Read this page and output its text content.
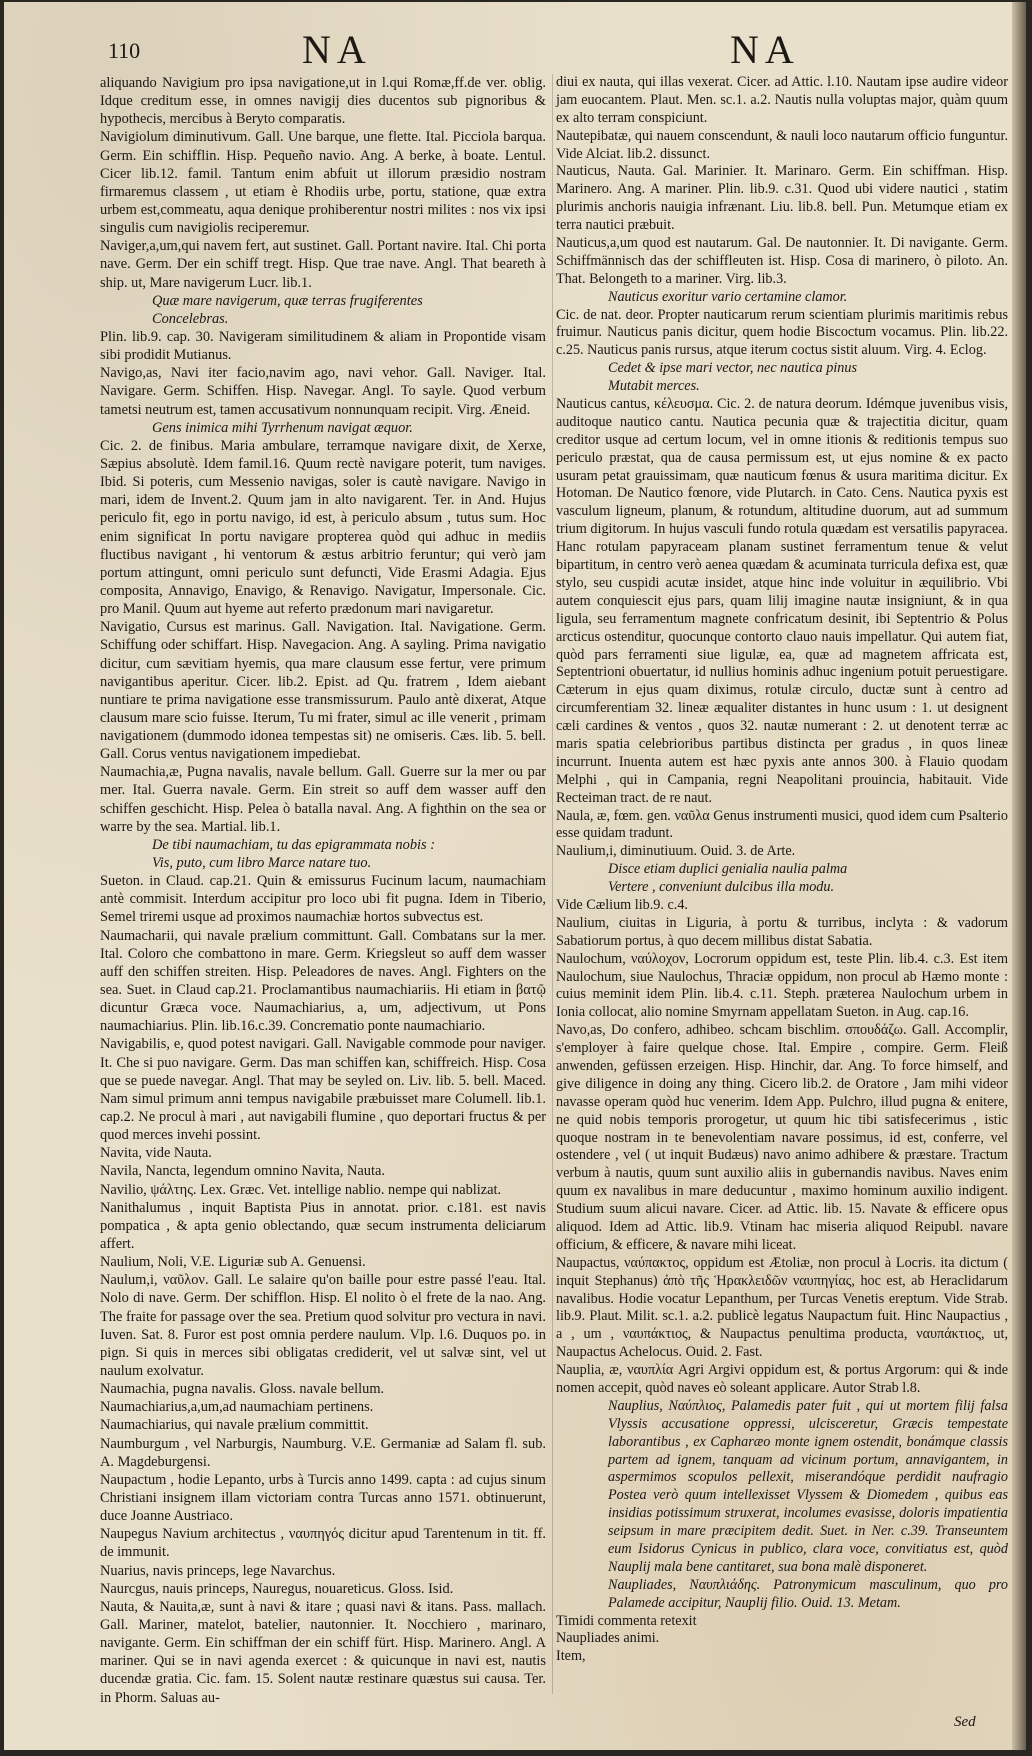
110	NA	NA

aliquando Navigium pro ipsa navigatione,ut in l.qui Romæ,ff.de ver. oblig. Idque creditum esse, in omnes navigij dies ducentos sub pignoribus & hypothecis, mercibus à Beryto comparatis.

Navigiolum diminutivum. Gall. Une barque, une flette. Ital. Picciola barqua. Germ. Ein schifflin. Hisp. Pequeño navio. Ang. A berke, à boate. Lentul. Cicer lib.12. famil. Tantum enim abfuit ut illorum præsidio nostram firmaremus classem , ut etiam è Rhodiis urbe, portu, statione, quæ extra urbem est,commeatu, aqua denique prohiberentur nostri milites : nos vix ipsi singulis cum navigiolis reciperemur.

Naviger,a,um,qui navem fert, aut sustinet. Gall. Portant navire. Ital. Chi porta nave. Germ. Der ein schiff tregt. Hisp. Que trae nave. Angl. That beareth à ship. ut, Mare navigerum Lucr. lib.1.

Quæ mare navigerum, quæ terras frugiferentes

Concelebras.

Plin. lib.9. cap. 30. Navigeram similitudinem & aliam in Propontide visam sibi prodidit Mutianus.

Navigo,as, Navi iter facio,navim ago, navi vehor. Gall. Naviger. Ital. Navigare. Germ. Schiffen. Hisp. Navegar. Angl. To sayle. Quod verbum tametsi neutrum est, tamen accusativum nonnunquam recipit. Virg. Æneid.

Gens inimica mihi Tyrrhenum navigat æquor.

Cic. 2. de finibus. Maria ambulare, terramque navigare dixit, de Xerxe, Sæpius absolutè. Idem famil.16. Quum rectè navigare poterit, tum naviges. Ibid. Si poteris, cum Messenio navigas, soler is cautè navigare. Navigo in mari, idem de Invent.2. Quum jam in alto navigarent. Ter. in And. Hujus periculo fit, ego in portu navigo, id est, à periculo absum , tutus sum. Hoc enim significat In portu navigare propterea quòd qui adhuc in mediis fluctibus navigant , hi ventorum & æstus arbitrio feruntur; qui verò jam portum attingunt, omni periculo sunt defuncti, Vide Erasmi Adagia. Ejus composita, Annavigo, Enavigo, & Renavigo. Navigatur, Impersonale. Cic. pro Manil. Quum aut hyeme aut referto prædonum mari navigaretur.

Navigatio, Cursus est marinus. Gall. Navigation. Ital. Navigatione. Germ. Schiffung oder schiffart. Hisp. Navegacion. Ang. A sayling. Prima navigatio dicitur, cum sævitiam hyemis, qua mare clausum esse fertur, vere primum navigantibus aperitur. Cicer. lib.2. Epist. ad Qu. fratrem , Idem aiebant nuntiare te prima navigatione esse transmissurum. Paulo antè dixerat, Atque clausum mare scio fuisse. Iterum, Tu mi frater, simul ac ille venerit , primam navigationem (dummodo idonea tempestas sit) ne omiseris. Cæs. lib. 5. bell. Gall. Corus ventus navigationem impediebat.

Naumachia,æ, Pugna navalis, navale bellum. Gall. Guerre sur la mer ou par mer. Ital. Guerra navale. Germ. Ein streit so auff dem wasser auff den schiffen geschicht. Hisp. Pelea ò batalla naval. Ang. A fighthin on the sea or warre by the sea. Martial. lib.1.

De tibi naumachiam, tu das epigrammata nobis :

Vis, puto, cum libro Marce natare tuo.

Sueton. in Claud. cap.21. Quin & emissurus Fucinum lacum, naumachiam antè commisit. Interdum accipitur pro loco ubi fit pugna. Idem in Tiberio, Semel triremi usque ad proximos naumachiæ hortos subvectus est.

Naumacharii, qui navale prælium committunt. Gall. Combatans sur la mer. Ital. Coloro che combattono in mare. Germ. Kriegsleut so auff dem wasser auff den schiffen streiten. Hisp. Peleadores de naves. Angl. Fighters on the sea. Suet. in Claud cap.21. Proclamantibus naumachiariis. Hi etiam in βατῷ dicuntur Græca voce. Naumachiarius, a, um, adjectivum, ut Pons naumachiarius. Plin. lib.16.c.39. Concrematio ponte naumachiario.

Navigabilis, e, quod potest navigari. Gall. Navigable commode pour naviger. It. Che si puo navigare. Germ. Das man schiffen kan, schiffreich. Hisp. Cosa que se puede navegar. Angl. That may be seyled on. Liv. lib. 5. bell. Maced. Nam simul primum anni tempus navigabile præbuisset mare Columell. lib.1. cap.2. Ne procul à mari , aut navigabili flumine , quo deportari fructus & per quod merces invehi possint.

Navita, vide Nauta.

Navila, Nancta, legendum omnino Navita, Nauta.

Navilio, ψάλτης. Lex. Græc. Vet. intellige nablio. nempe qui nablizat.

Nanithalumus , inquit Baptista Pius in annotat. prior. c.181. est navis pompatica , & apta genio oblectando, quæ secum instrumenta deliciarum affert.

Naulium, Noli, V.E. Liguriæ sub A. Genuensi.

Naulum,i, ναῦλον. Gall. Le salaire qu'on baille pour estre passé l'eau. Ital. Nolo di nave. Germ. Der schifflon. Hisp. El nolito ò el frete de la nao. Ang. The fraite for passage over the sea. Pretium quod solvitur pro vectura in navi. Iuven. Sat. 8. Furor est post omnia perdere naulum. Vlp. l.6. Duquos po. in pign. Si quis in merces sibi obligatas crediderit, vel ut salvæ sint, vel ut naulum exolvatur.

Naumachia, pugna navalis. Gloss. navale bellum.

Naumachiarius,a,um,ad naumachiam pertinens.

Naumachiarius, qui navale prælium committit.

Naumburgum , vel Narburgis, Naumburg. V.E. Germaniæ ad Salam fl. sub. A. Magdeburgensi.

Naupactum , hodie Lepanto, urbs à Turcis anno 1499. capta : ad cujus sinum Christiani insignem illam victoriam contra Turcas anno 1571. obtinuerunt, duce Joanne Austriaco.

Naupegus Navium architectus , ναυπηγός dicitur apud Tarentenum in tit. ff. de immunit.

Nuarius, navis princeps, lege Navarchus.

Naurcgus, nauis princeps, Nauregus, nouareticus. Gloss. Isid.

Nauta, & Nauita,æ, sunt à navi & itare ; quasi navi & itans. Pass. mallach. Gall. Mariner, matelot, batelier, nautonnier. It. Nocchiero , marinaro, navigante. Germ. Ein schiffman der ein schiff fürt. Hisp. Marinero. Angl. A mariner. Qui se in navi agenda exercet : & quicunque in navi est, nautis ducendæ gratia. Cic. fam. 15. Solent nautæ restinare quæstus sui causa. Ter. in Phorm. Saluas au-

diui ex nauta, qui illas vexerat. Cicer. ad Attic. l.10. Nautam ipse audire videor jam euocantem. Plaut. Men. sc.1. a.2. Nautis nulla voluptas major, quàm quum ex alto terram conspiciunt.

Nautepibatæ, qui nauem conscendunt, & nauli loco nautarum officio funguntur. Vide Alciat. lib.2. dissunct.

Nauticus, Nauta. Gal. Marinier. It. Marinaro. Germ. Ein schiffman. Hisp. Marinero. Ang. A mariner. Plin. lib.9. c.31. Quod ubi videre nautici , statim plurimis anchoris nauigia infrænant. Liu. lib.8. bell. Pun. Metumque etiam ex terra nautici præbuit.

Nauticus,a,um quod est nautarum. Gal. De nautonnier. It. Di navigante. Germ. Schiffmännisch das der schiffleuten ist. Hisp. Cosa di marinero, ò piloto. An. That. Belongeth to a mariner. Virg. lib.3.

Nauticus exoritur vario certamine clamor.

Cic. de nat. deor. Propter nauticarum rerum scientiam plurimis maritimis rebus fruimur. Nauticus panis dicitur, quem hodie Biscoctum vocamus. Plin. lib.22. c.25. Nauticus panis rursus, atque iterum coctus sistit aluum. Virg. 4. Eclog.

Cedet & ipse mari vector, nec nautica pinus

Mutabit merces.

Nauticus cantus, κέλευσμα. Cic. 2. de natura deorum. Idémque juvenibus visis, auditoque nautico cantu. Nautica pecunia quæ & trajectitia dicitur, quam creditor usque ad certum locum, vel in omne itionis & reditionis tempus suo periculo præstat, qua de causa permissum est, ut ejus nomine & ex pacto usuram petat grauissimam, quæ nauticum fœnus & usura maritima dicitur. Ex Hotoman. De Nautico fœnore, vide Plutarch. in Cato. Cens. Nautica pyxis est vasculum ligneum, planum, & rotundum, altitudine duorum, aut ad summum trium digitorum. In hujus vasculi fundo rotula quædam est versatilis papyracea. Hanc rotulam papyraceam planam sustinet ferramentum tenue & velut bipartitum, in centro verò aenea quædam & acuminata turricula defixa est, quæ stylo, seu cuspidi acutæ insidet, atque hinc inde voluitur in æquilibrio. Vbi autem conquiescit ejus pars, quam lilij imagine nautæ insigniunt, & in qua ligula, seu ferramentum magnete confricatum desinit, ibi Septentrio & Polus arcticus ostenditur, quocunque contorto clauo nauis impellatur. Qui autem fiat, quòd pars ferramenti siue ligulæ, ea, quæ ad magnetem affricata est, Septentrioni obuertatur, id nullius hominis adhuc ingenium potuit peruestigare. Cæterum in ejus quam diximus, rotulæ circulo, ductæ sunt à centro ad circumferentiam 32. lineæ æqualiter distantes in hunc usum : 1. ut designent cæli cardines & ventos , quos 32. nautæ numerant : 2. ut denotent terræ ac maris spatia celebrioribus partibus distincta per gradus , in quos lineæ incurrunt. Inuenta autem est hæc pyxis ante annos 300. à Flauio quodam Melphi , qui in Campania, regni Neapolitani prouincia, habitauit. Vide Recteiman tract. de re naut.

Naula, æ, fœm. gen. ναῦλα Genus instrumenti musici, quod idem cum Psalterio esse quidam tradunt.

Naulium,i, diminutiuum. Ouid. 3. de Arte.

Disce etiam duplici genialia naulia palma

Vertere , conveniunt dulcibus illa modu.

Vide Cælium lib.9. c.4.

Naulium, ciuitas in Liguria, à portu & turribus, inclyta : & vadorum Sabatiorum portus, à quo decem millibus distat Sabatia.

Naulochum, ναύλοχον, Locrorum oppidum est, teste Plin. lib.4. c.3. Est item Naulochum, siue Naulochus, Thraciæ oppidum, non procul ab Hæmo monte : cuius meminit idem Plin. lib.4. c.11. Steph. præterea Naulochum urbem in Ionia collocat, alio nomine Smyrnam appellatam Sueton. in Aug. cap.16.

Navo,as, Do confero, adhibeo. schcam bischlim. σπουδάζω. Gall. Accomplir, s'employer à faire quelque chose. Ital. Empire , compire. Germ. Fleiß anwenden, gefüssen erzeigen. Hisp. Hinchir, dar. Ang. To force himself, and give diligence in doing any thing. Cicero lib.2. de Oratore , Jam mihi videor navasse operam quòd huc venerim. Idem App. Pulchro, illud pugna & enitere, ne quid nobis temporis prorogetur, ut quum hic tibi satisfecerimus , istic quoque nostram in te benevolentiam navare possimus, id est, conferre, vel ostendere , vel ( ut inquit Budæus) navo animo adhibere & præstare. Tractum verbum à nautis, quum sunt auxilio aliis in gubernandis navibus. Naves enim quum ex navalibus in mare deducuntur , maximo hominum auxilio indigent. Studium suum alicui navare. Cicer. ad Attic. lib. 15. Navate & efficere opus aliquod. Idem ad Attic. lib.9. Vtinam hac miseria aliquod Reipubl. navare officium, & efficere, & navare mihi liceat.

Naupactus, ναύπακτος, oppidum est Ætoliæ, non procul à Locris. ita dictum ( inquit Stephanus) ἀπὸ τῆς Ἡρακλειδῶν ναυπηγίας, hoc est, ab Heraclidarum navalibus. Hodie vocatur Lepanthum, per Turcas Venetis ereptum. Vide Strab. lib.9. Plaut. Milit. sc.1. a.2. publicè legatus Naupactum fuit. Hinc Naupactius , a , um , ναυπάκτιος, & Naupactus penultima producta, ναυπάκτιος, ut, Naupactus Achelocus. Ouid. 2. Fast.

Nauplia, æ, ναυπλία Agri Argivi oppidum est, & portus Argorum: qui & inde nomen accepit, quòd naves eò soleant applicare. Autor Strab l.8.

Nauplius, Ναύπλιος, Palamedis pater fuit , qui ut mortem filij falsa Vlyssis accusatione oppressi, ulcisceretur, Græcis tempestate laborantibus , ex Capharæo monte ignem ostendit, bonámque classis partem ad ignem, tanquam ad vicinum portum, annavigantem, in aspermimos scopulos pellexit, miserandóque perdidit naufragio Postea verò quum intellexisset Vlyssem & Diomedem , quibus eas insidias potissimum struxerat, incolumes evasisse, doloris impatientia seipsum in mare præcipitem dedit. Suet. in Ner. c.39. Transeuntem eum Isidorus Cynicus in publico, clara voce, convitiatus est, quòd Nauplij mala bene cantitaret, sua bona malè disponeret.

Naupliades, Ναυπλιάδης. Patronymicum masculinum, quo pro Palamede accipitur, Nauplij filio. Ouid. 13. Metam.

Timidi commenta retexit

Naupliades animi.

Item,

Sed
